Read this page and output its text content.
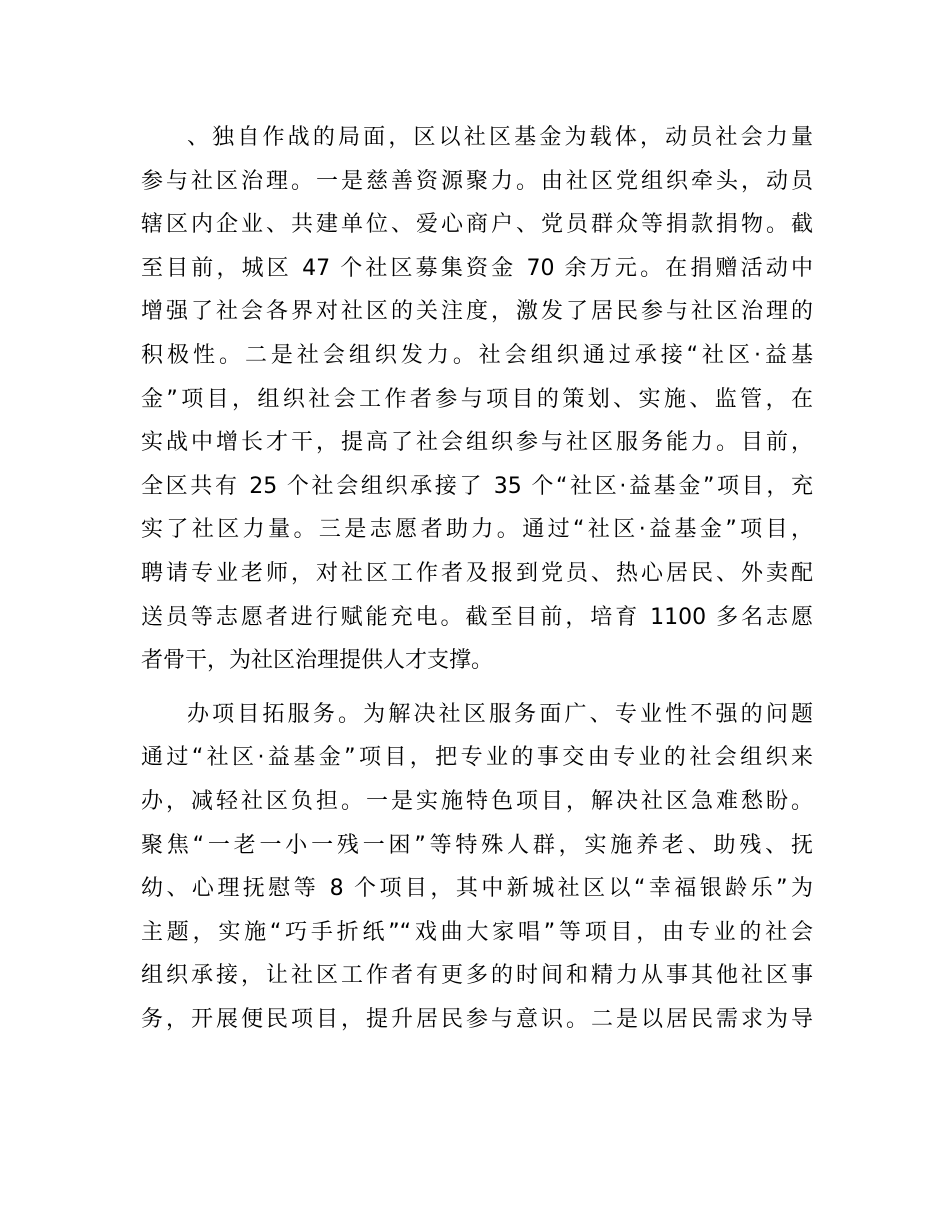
、独自作战的局面，区以社区基金为载体，动员社会力量
参与社区治理。一是慈善资源聚力。由社区党组织牵头，动员
辖区内企业、共建单位、爱心商户、党员群众等捐款捐物。截
至目前，城区 47 个社区募集资金 70 余万元。在捐赠活动中
增强了社会各界对社区的关注度，激发了居民参与社区治理的
积极性。二是社会组织发力。社会组织通过承接“社区·益基
金”项目，组织社会工作者参与项目的策划、实施、监管，在
实战中增长才干，提高了社会组织参与社区服务能力。目前，
全区共有 25 个社会组织承接了 35 个“社区·益基金”项目，充
实了社区力量。三是志愿者助力。通过“社区·益基金”项目，
聘请专业老师，对社区工作者及报到党员、热心居民、外卖配
送员等志愿者进行赋能充电。截至目前，培育 1100 多名志愿
者骨干，为社区治理提供人才支撑。
办项目拓服务。为解决社区服务面广、专业性不强的问题
通过“社区·益基金”项目，把专业的事交由专业的社会组织来
办，减轻社区负担。一是实施特色项目，解决社区急难愁盼。
聚焦“一老一小一残一困”等特殊人群，实施养老、助残、抚
幼、心理抚慰等 8 个项目，其中新城社区以“幸福银龄乐”为
主题，实施“巧手折纸”“戏曲大家唱”等项目，由专业的社会
组织承接，让社区工作者有更多的时间和精力从事其他社区事
务，开展便民项目，提升居民参与意识。二是以居民需求为导
